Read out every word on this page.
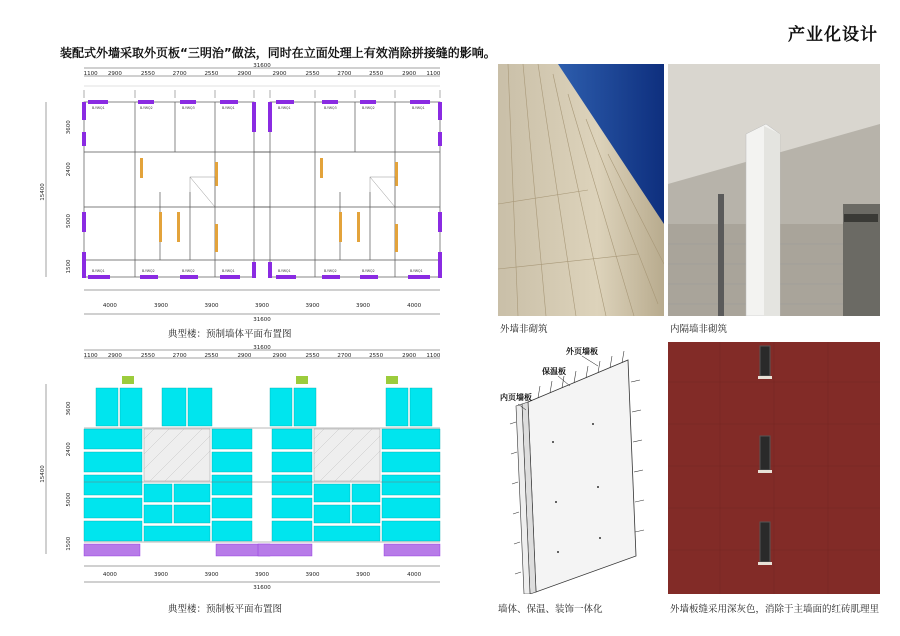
产业化设计
装配式外墙采取外页板“三明治”做法，同时在立面处理上有效消除拼接缝的影响。
31600
1100 2900	2550	2700	2550	2900	2900	2550	2700	2550	2900 1100
15400
3600
2400
5000
1500
B-YWQ1	B-YWQ2	B-YWQ3	B-YWQ1	B-YWQ1	B-YWQ3	B-YWQ2	B-YWQ1
B-YWQ1	B-YWQ2	B-YWQ2	B-YWQ1	B-YWQ1	B-YWQ2	B-YWQ2	B-YWQ1
4000	3900	3900	3900	3900	3900	4000
31600
典型楼：预制墙体平面布置图
31600
1100 2900	2550	2700	2550	2900	2900	2550	2700	2550	2900 1100
15400
3600
2400
5000
1500
4000	3900	3900	3900	3900	3900	4000
31600
典型楼：预制板平面布置图
外墙非砌筑	内隔墙非砌筑
外页墙板
保温板
内页墙板
墙体、保温、装饰一体化	外墙板缝采用深灰色，消除于主墙面的红砖肌理里
